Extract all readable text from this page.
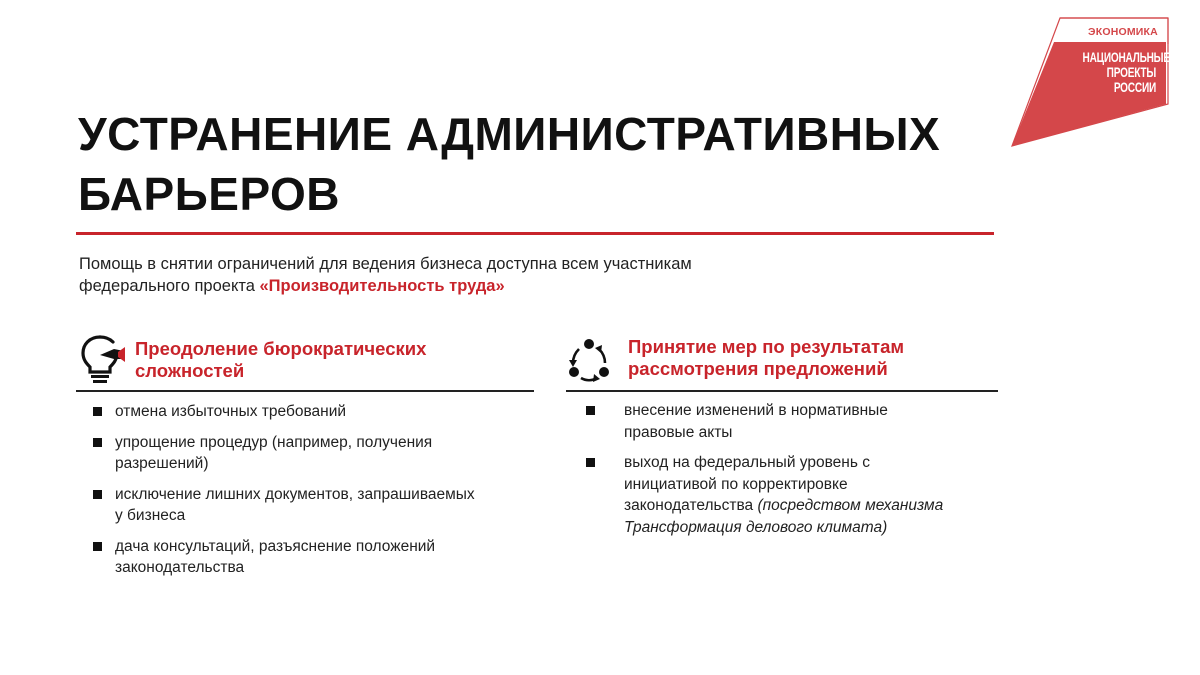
ЭКОНОМИКА
НАЦИОНАЛЬНЫЕ
ПРОЕКТЫ
РОССИИ
УСТРАНЕНИЕ АДМИНИСТРАТИВНЫХ
БАРЬЕРОВ

Помощь в снятии ограничений для ведения бизнеса доступна всем участникам
федерального проекта «Производительность труда»

Преодоление бюрократических
сложностей
отмена избыточных требований
упрощение процедур (например, получения
разрешений)
исключение лишних документов, запрашиваемых
у бизнеса
дача консультаций, разъяснение положений
законодательства
Принятие мер по результатам
рассмотрения предложений
внесение изменений в нормативные
правовые акты
выход на федеральный уровень с
инициативой по корректировке
законодательства (посредством механизма
Трансформация делового климата)
